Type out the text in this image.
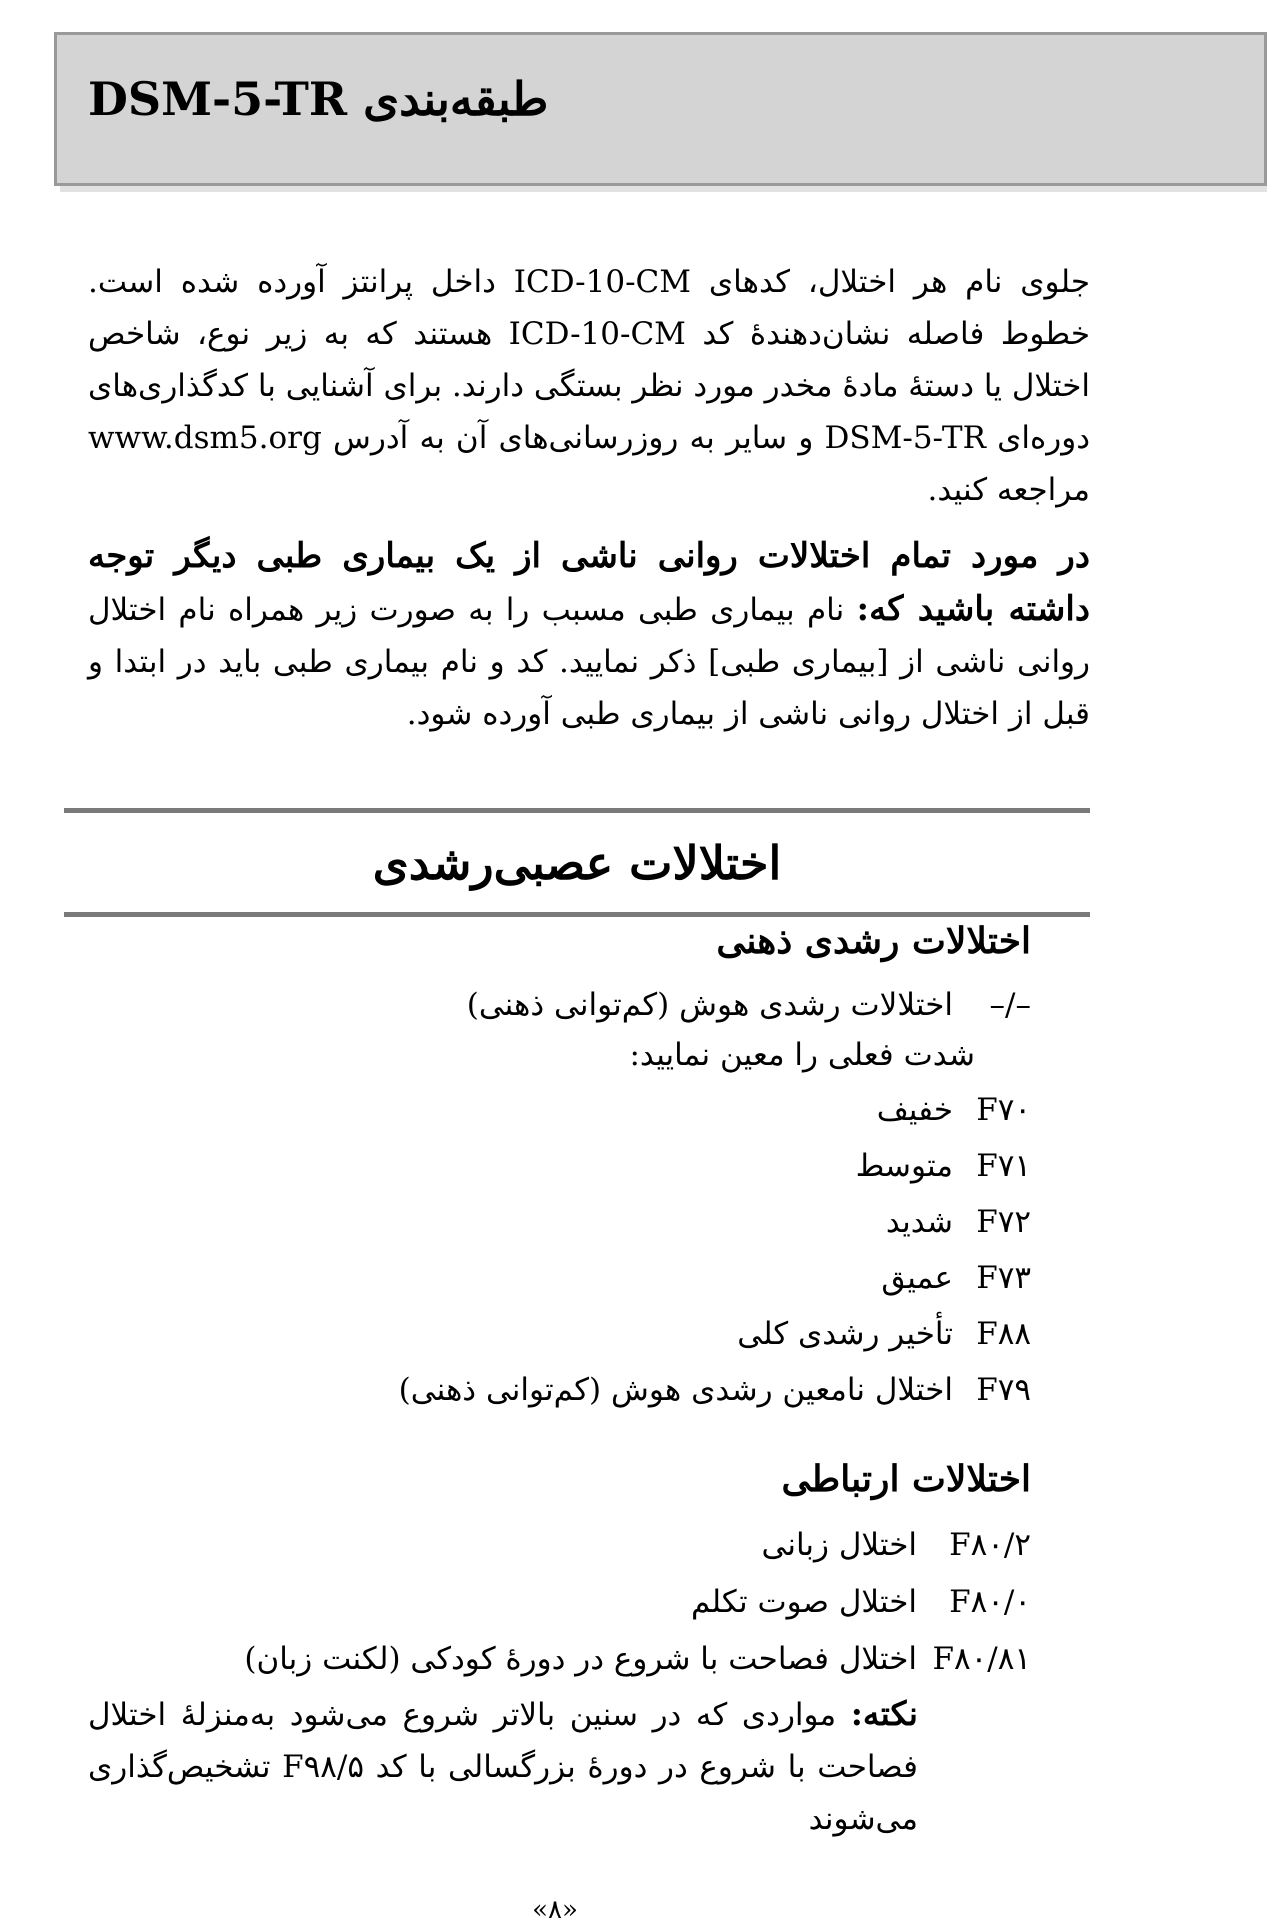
طبقه‌بندی DSM-5-TR
جلوی نام هر اختلال، کدهای ICD-10-CM داخل پرانتز آورده شده است. خطوط فاصله نشان‌دهندهٔ کد ICD-10-CM هستند که به زیر نوع، شاخص اختلال یا دستهٔ مادهٔ مخدر مورد نظر بستگی دارند. برای آشنایی با کدگذاری‌های دوره‌ای DSM-5-TR و سایر به روزرسانی‌های آن به آدرس www.dsm5.org مراجعه کنید.
در مورد تمام اختلالات روانی ناشی از یک بیماری طبی دیگر توجه داشته باشید که: نام بیماری طبی مسبب را به صورت زیر همراه نام اختلال روانی ناشی از [بیماری طبی] ذکر نمایید. کد و نام بیماری طبی باید در ابتدا و قبل از اختلال روانی ناشی از بیماری طبی آورده شود.
اختلالات عصبی‌رشدی
اختلالات رشدی ذهنی
–/–اختلالات رشدی هوش (کم‌توانی ذهنی)
شدت فعلی را معین نمایید:
F۷۰خفیف
F۷۱متوسط
F۷۲شدید
F۷۳عمیق
F۸۸تأخیر رشدی کلی
F۷۹اختلال نامعین رشدی هوش (کم‌توانی ذهنی)
اختلالات ارتباطی
F۸۰/۲اختلال زبانی
F۸۰/۰اختلال صوت تکلم
F۸۰/۸۱اختلال فصاحت با شروع در دورهٔ کودکی (لکنت زبان)
نکته: مواردی که در سنین بالاتر شروع می‌شود به‌منزلهٔ اختلال فصاحت با شروع در دورهٔ بزرگسالی با کد F۹۸/۵ تشخیص‌گذاری می‌شوند
«۸»
